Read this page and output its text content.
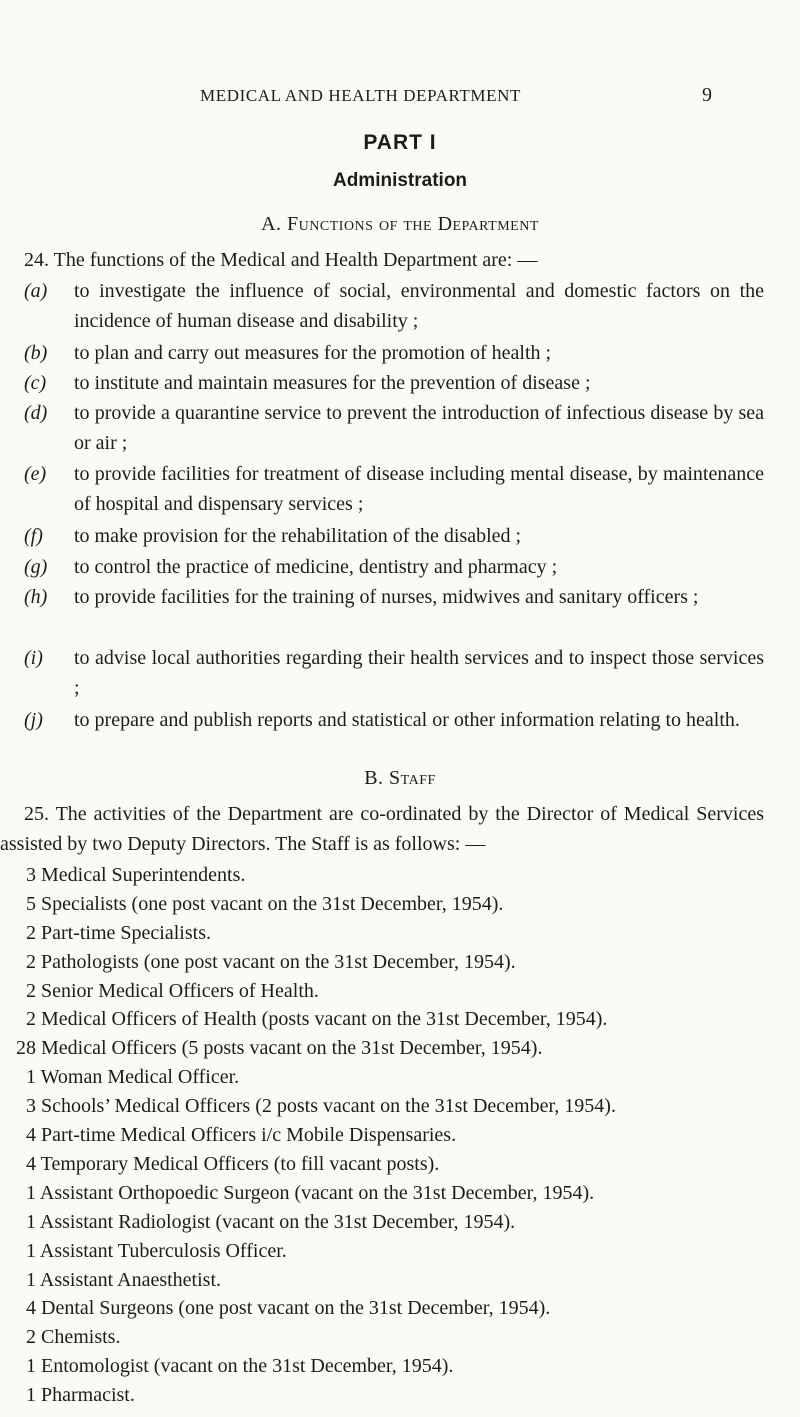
MEDICAL AND HEALTH DEPARTMENT	9
PART I
Administration
A. Functions of the Department
24. The functions of the Medical and Health Department are: —
(a) to investigate the influence of social, environmental and domestic factors on the incidence of human disease and disability ;
(b) to plan and carry out measures for the promotion of health ;
(c) to institute and maintain measures for the prevention of disease ;
(d) to provide a quarantine service to prevent the introduction of infectious disease by sea or air ;
(e) to provide facilities for treatment of disease including mental disease, by maintenance of hospital and dispensary services ;
(f) to make provision for the rehabilitation of the disabled ;
(g) to control the practice of medicine, dentistry and pharmacy ;
(h) to provide facilities for the training of nurses, midwives and sanitary officers ;
(i) to advise local authorities regarding their health services and to inspect those services ;
(j) to prepare and publish reports and statistical or other information relating to health.
B. Staff
25. The activities of the Department are co-ordinated by the Director of Medical Services assisted by two Deputy Directors. The Staff is as follows: —
3 Medical Superintendents.
5 Specialists (one post vacant on the 31st December, 1954).
2 Part-time Specialists.
2 Pathologists (one post vacant on the 31st December, 1954).
2 Senior Medical Officers of Health.
2 Medical Officers of Health (posts vacant on the 31st December, 1954).
28 Medical Officers (5 posts vacant on the 31st December, 1954).
1 Woman Medical Officer.
3 Schools’ Medical Officers (2 posts vacant on the 31st December, 1954).
4 Part-time Medical Officers i/c Mobile Dispensaries.
4 Temporary Medical Officers (to fill vacant posts).
1 Assistant Orthopoedic Surgeon (vacant on the 31st December, 1954).
1 Assistant Radiologist (vacant on the 31st December, 1954).
1 Assistant Tuberculosis Officer.
1 Assistant Anaesthetist.
4 Dental Surgeons (one post vacant on the 31st December, 1954).
2 Chemists.
1 Entomologist (vacant on the 31st December, 1954).
1 Pharmacist.
